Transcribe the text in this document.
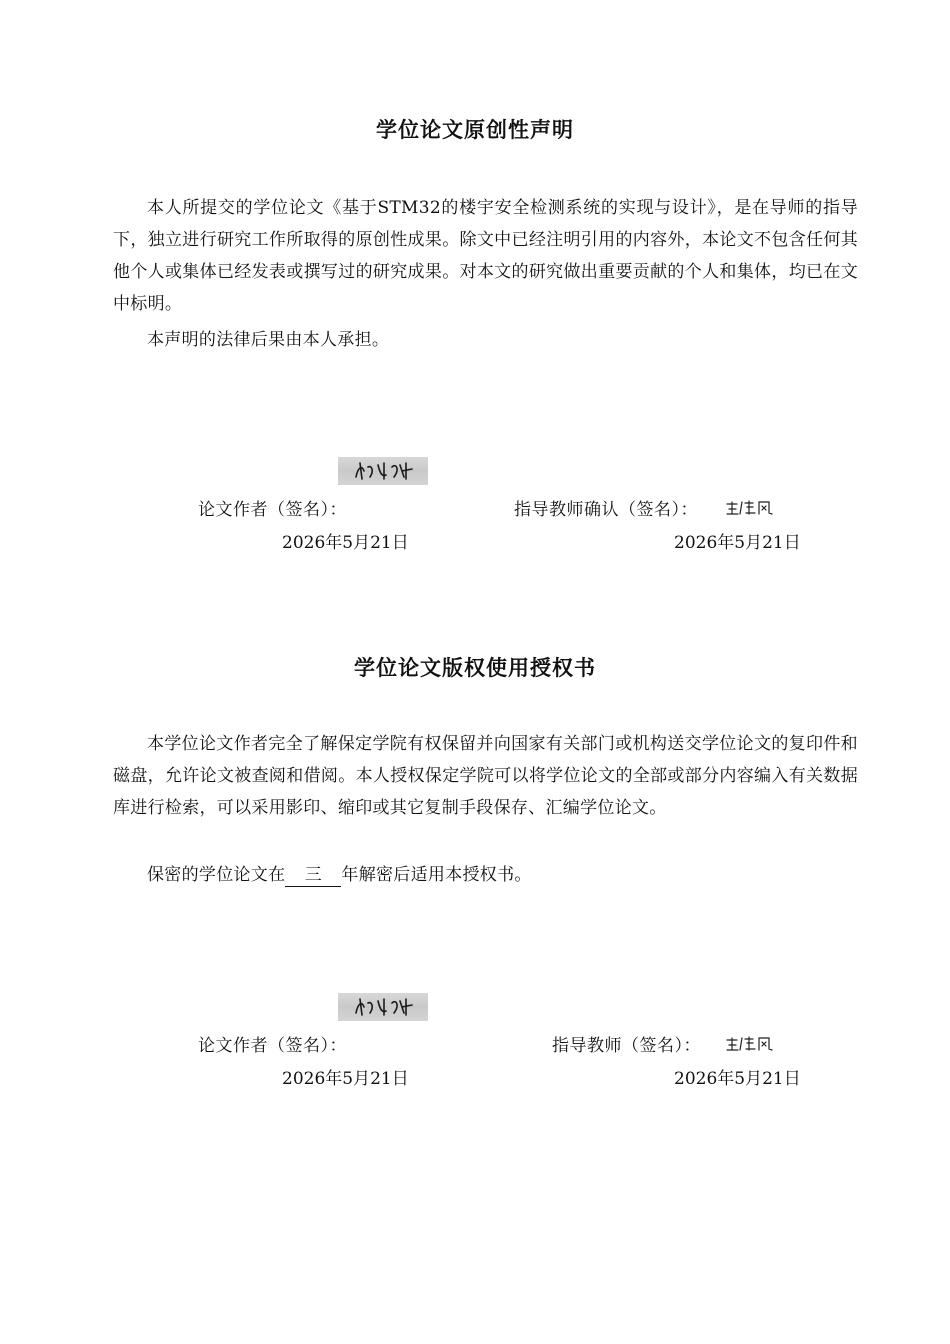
学位论文原创性声明

本人所提交的学位论文《基于STM32的楼宇安全检测系统的实现与设计》，是在导师的指导下，独立进行研究工作所取得的原创性成果。除文中已经注明引用的内容外，本论文不包含任何其他个人或集体已经发表或撰写过的研究成果。对本文的研究做出重要贡献的个人和集体，均已在文中标明。

本声明的法律后果由本人承担。

论文作者（签名）：	指导教师确认（签名）：
2026年5月21日	2026年5月21日
学位论文版权使用授权书

本学位论文作者完全了解保定学院有权保留并向国家有关部门或机构送交学位论文的复印件和磁盘，允许论文被查阅和借阅。本人授权保定学院可以将学位论文的全部或部分内容编入有关数据库进行检索，可以采用影印、缩印或其它复制手段保存、汇编学位论文。

保密的学位论文在 三 年解密后适用本授权书。

论文作者（签名）：	指导教师（签名）：
2026年5月21日	2026年5月21日
